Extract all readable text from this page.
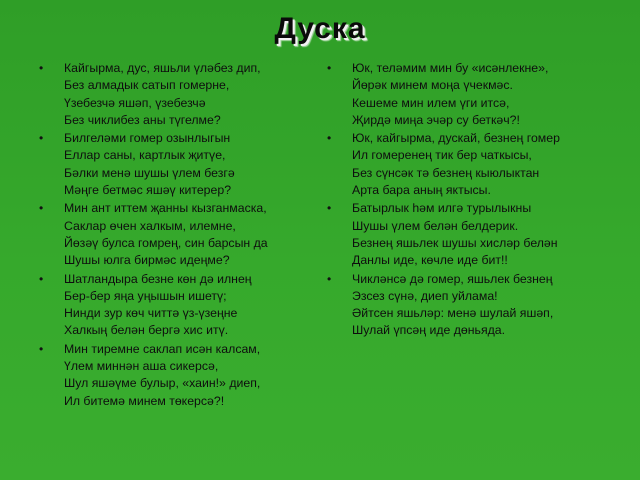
Дуска
• Кайгырма, дус, яшьли үләбез дип,
Без алмадык сатып гомерне,
Үзебезчә яшәп, үзебезчә
Без чиклибез аны түгелме?
• Билгеләми гомер озынлыгын
Еллар саны, картлык җитүе,
Бәлки менә шушы үлем безгә
Мәңге бетмәс яшәү китерер?
• Мин ант иттем җанны кызганмаска,
Саклар өчен халкым, илемне,
Йөзәү булса гомрең, син барсын да
Шушы юлга бирмәс идеңме?
• Шатландыра безне көн дә илнең
Бер-бер яңа уңышын ишетү;
Нинди зур көч читтә үз-үзеңне
Халкың белән бергә хис итү.
• Мин тиремне саклап исән калсам,
Үлем миннән аша сикерсә,
Шул яшәүме булыр, «хаин!» диеп,
Ил битемә минем төкерсә?!
• Юк, теләмим мин бу «исәнлекне»,
Йөрәк минем моңа үчекмәс.
Кешеме мин илем үги итсә,
Җирдә миңа эчәр су беткәч?!
• Юк, кайгырма, дускай, безнең гомер
Ил гомеренең тик бер чаткысы,
Без сүнсәк тә безнең кыюлыктан
Арта бара аның яктысы.
• Батырлык һәм илгә турылыкны
Шушы үлем белән белдерик.
Безнең яшьлек шушы хисләр белән
Данлы иде, көчле иде бит!!
• Чикләнсә дә гомер, яшьлек безнең
Эзсез сүнә, диеп уйлама!
Әйтсен яшьләр: менә шулай яшәп,
Шулай үпсәң иде дөньяда.
